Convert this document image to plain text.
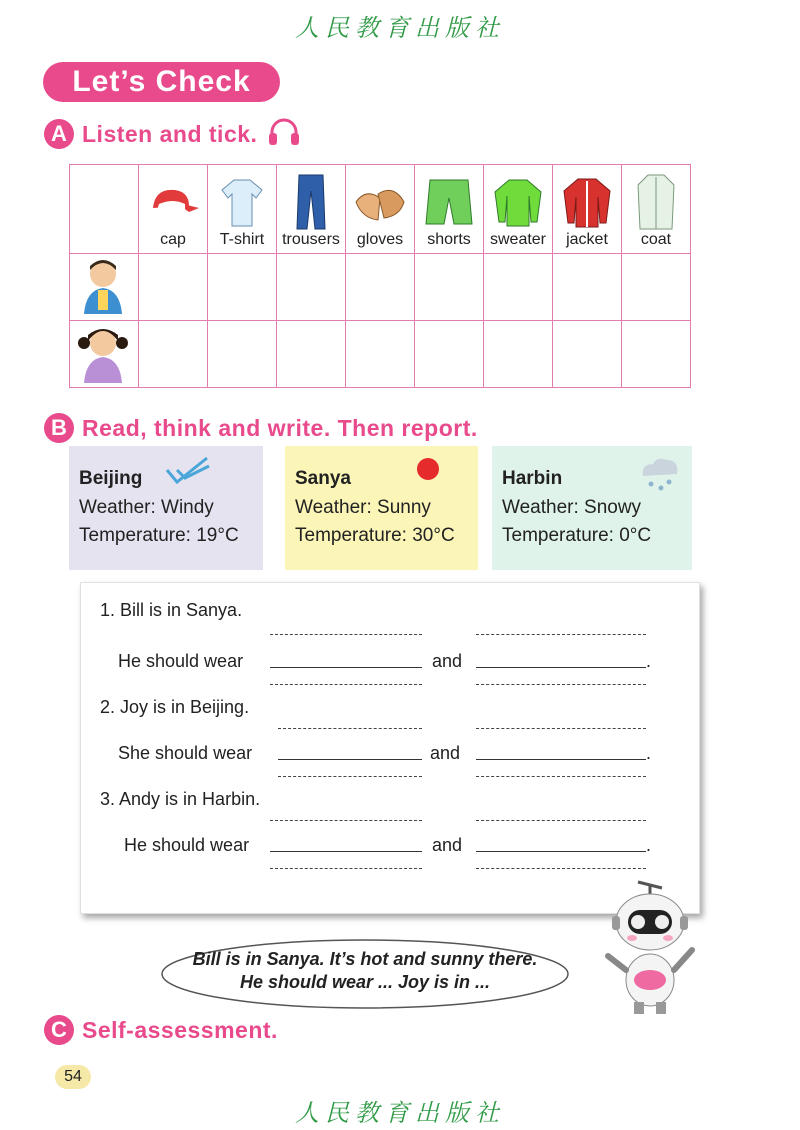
人民教育出版社
Let’s Check
A Listen and tick.

	cap	T-shirt	trousers	gloves	shorts	sweater	jacket	coat

B Read, think and write. Then report.
Beijing
Weather: Windy
Temperature: 19°C
Sanya
Weather: Sunny
Temperature: 30°C
Harbin
Weather: Snowy
Temperature: 0°C
1. Bill is in Sanya.
He should wear	and	.
2. Joy is in Beijing.
She should wear	and	.
3. Andy is in Harbin.
He should wear	and	.
Bill is in Sanya. It’s hot and sunny there.
He should wear ... Joy is in ...
C Self-assessment.
54
人民教育出版社
